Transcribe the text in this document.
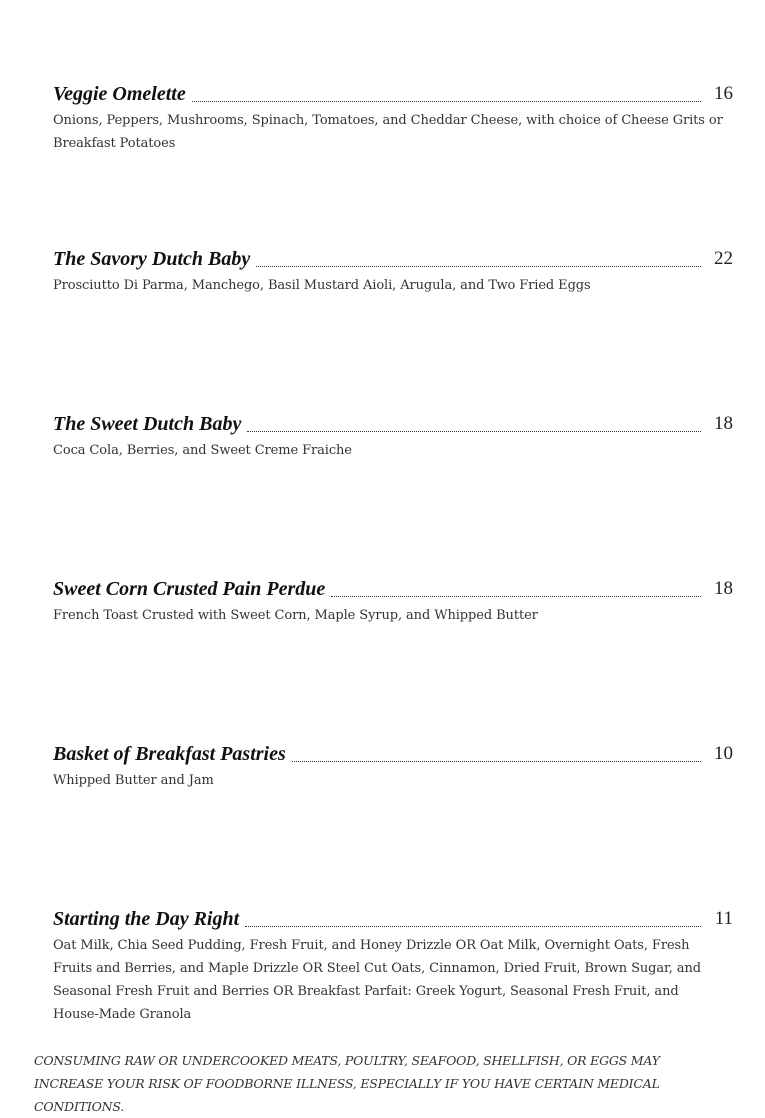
Veggie Omelette	16
Onions, Peppers, Mushrooms, Spinach, Tomatoes, and Cheddar Cheese, with choice of Cheese Grits or Breakfast Potatoes
The Savory Dutch Baby	22
Prosciutto Di Parma, Manchego, Basil Mustard Aioli, Arugula, and Two Fried Eggs
The Sweet Dutch Baby	18
Coca Cola, Berries, and Sweet Creme Fraiche
Sweet Corn Crusted Pain Perdue	18
French Toast Crusted with Sweet Corn, Maple Syrup, and Whipped Butter
Basket of Breakfast Pastries	10
Whipped Butter and Jam
Starting the Day Right	11
Oat Milk, Chia Seed Pudding, Fresh Fruit, and Honey Drizzle OR Oat Milk, Overnight Oats, Fresh Fruits and Berries, and Maple Drizzle OR Steel Cut Oats, Cinnamon, Dried Fruit, Brown Sugar, and Seasonal Fresh Fruit and Berries OR Breakfast Parfait: Greek Yogurt, Seasonal Fresh Fruit, and House-Made Granola
CONSUMING RAW OR UNDERCOOKED MEATS, POULTRY, SEAFOOD, SHELLFISH, OR EGGS MAY INCREASE YOUR RISK OF FOODBORNE ILLNESS, ESPECIALLY IF YOU HAVE CERTAIN MEDICAL CONDITIONS.
